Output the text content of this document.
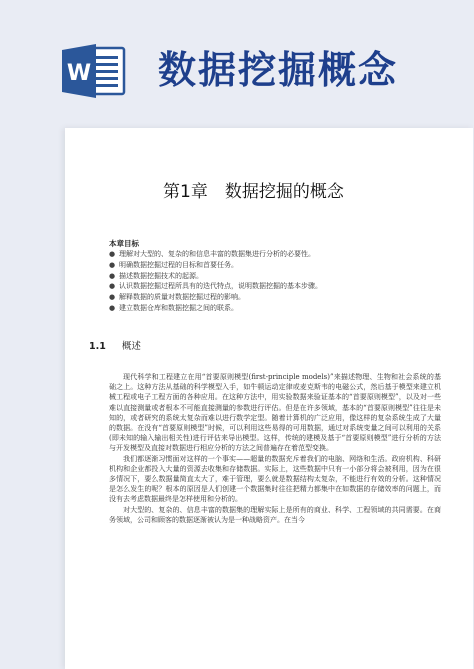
W 数据挖掘概念
第1章　数据挖掘的概念
本章目标
● 理解对大型的、复杂的和信息丰富的数据集进行分析的必要性。
● 明确数据挖掘过程的目标和首要任务。
● 描述数据挖掘技术的起源。
● 认识数据挖掘过程所具有的迭代特点，说明数据挖掘的基本步骤。
● 解释数据的质量对数据挖掘过程的影响。
● 建立数据仓库和数据挖掘之间的联系。
1.1 概述

现代科学和工程建立在用“首要原则模型(first-principle models)”来描述物理、生物和社会系统的基础之上。这种方法从基础的科学模型入手，如牛顿运动定律或麦克斯韦的电磁公式，然后基于模型来建立机械工程或电子工程方面的各种应用。在这种方法中，用实验数据来验证基本的“首要原则模型”，以及对一些难以直接测量或者根本不可能直接测量的参数进行评估。但是在许多领域，基本的“首要原则模型”往往是未知的，或者研究的系统太复杂而难以进行数学定型。随着计算机的广泛应用，像这样的复杂系统生成了大量的数据。在没有“首要原则模型”时候，可以利用这些易得的可用数据，通过对系统变量之间可以利用的关系(即未知的输入输出相关性)进行评估来导出模型。这样，传统的建模及基于“首要原则模型”进行分析的方法与开发模型及直接对数据进行相应分析的方法之间普遍存在着范型变换。

我们都逐渐习惯面对这样的一个事实——超量的数据充斥着我们的电脑、网络和生活。政府机构、科研机构和企业都投入大量的资源去收集和存储数据。实际上，这些数据中只有一小部分将会被利用，因为在很多情况下，要么数据量简直太大了，难于管理，要么就是数据结构太复杂，不能进行有效的分析。这种情况是怎么发生的呢？根本的原因是人们创建一个数据集时往往把精力都集中在如数据的存储效率的问题上，而没有去考虑数据最终是怎样使用和分析的。

对大型的、复杂的、信息丰富的数据集的理解实际上是所有的商业、科学、工程领域的共同需要。在商务领域，公司和顾客的数据逐渐被认为是一种战略资产。在当今
